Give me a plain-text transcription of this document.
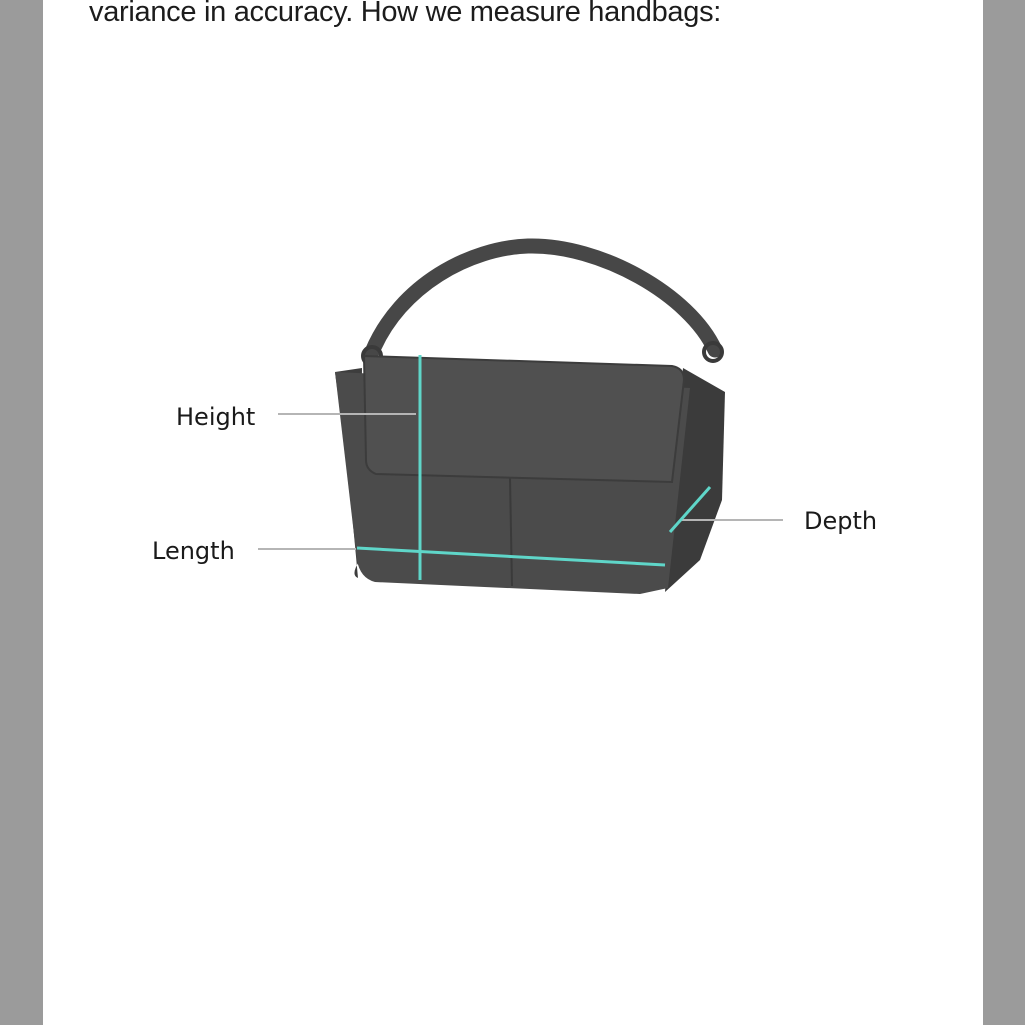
variance in accuracy. How we measure handbags:

Height
Length
Depth
